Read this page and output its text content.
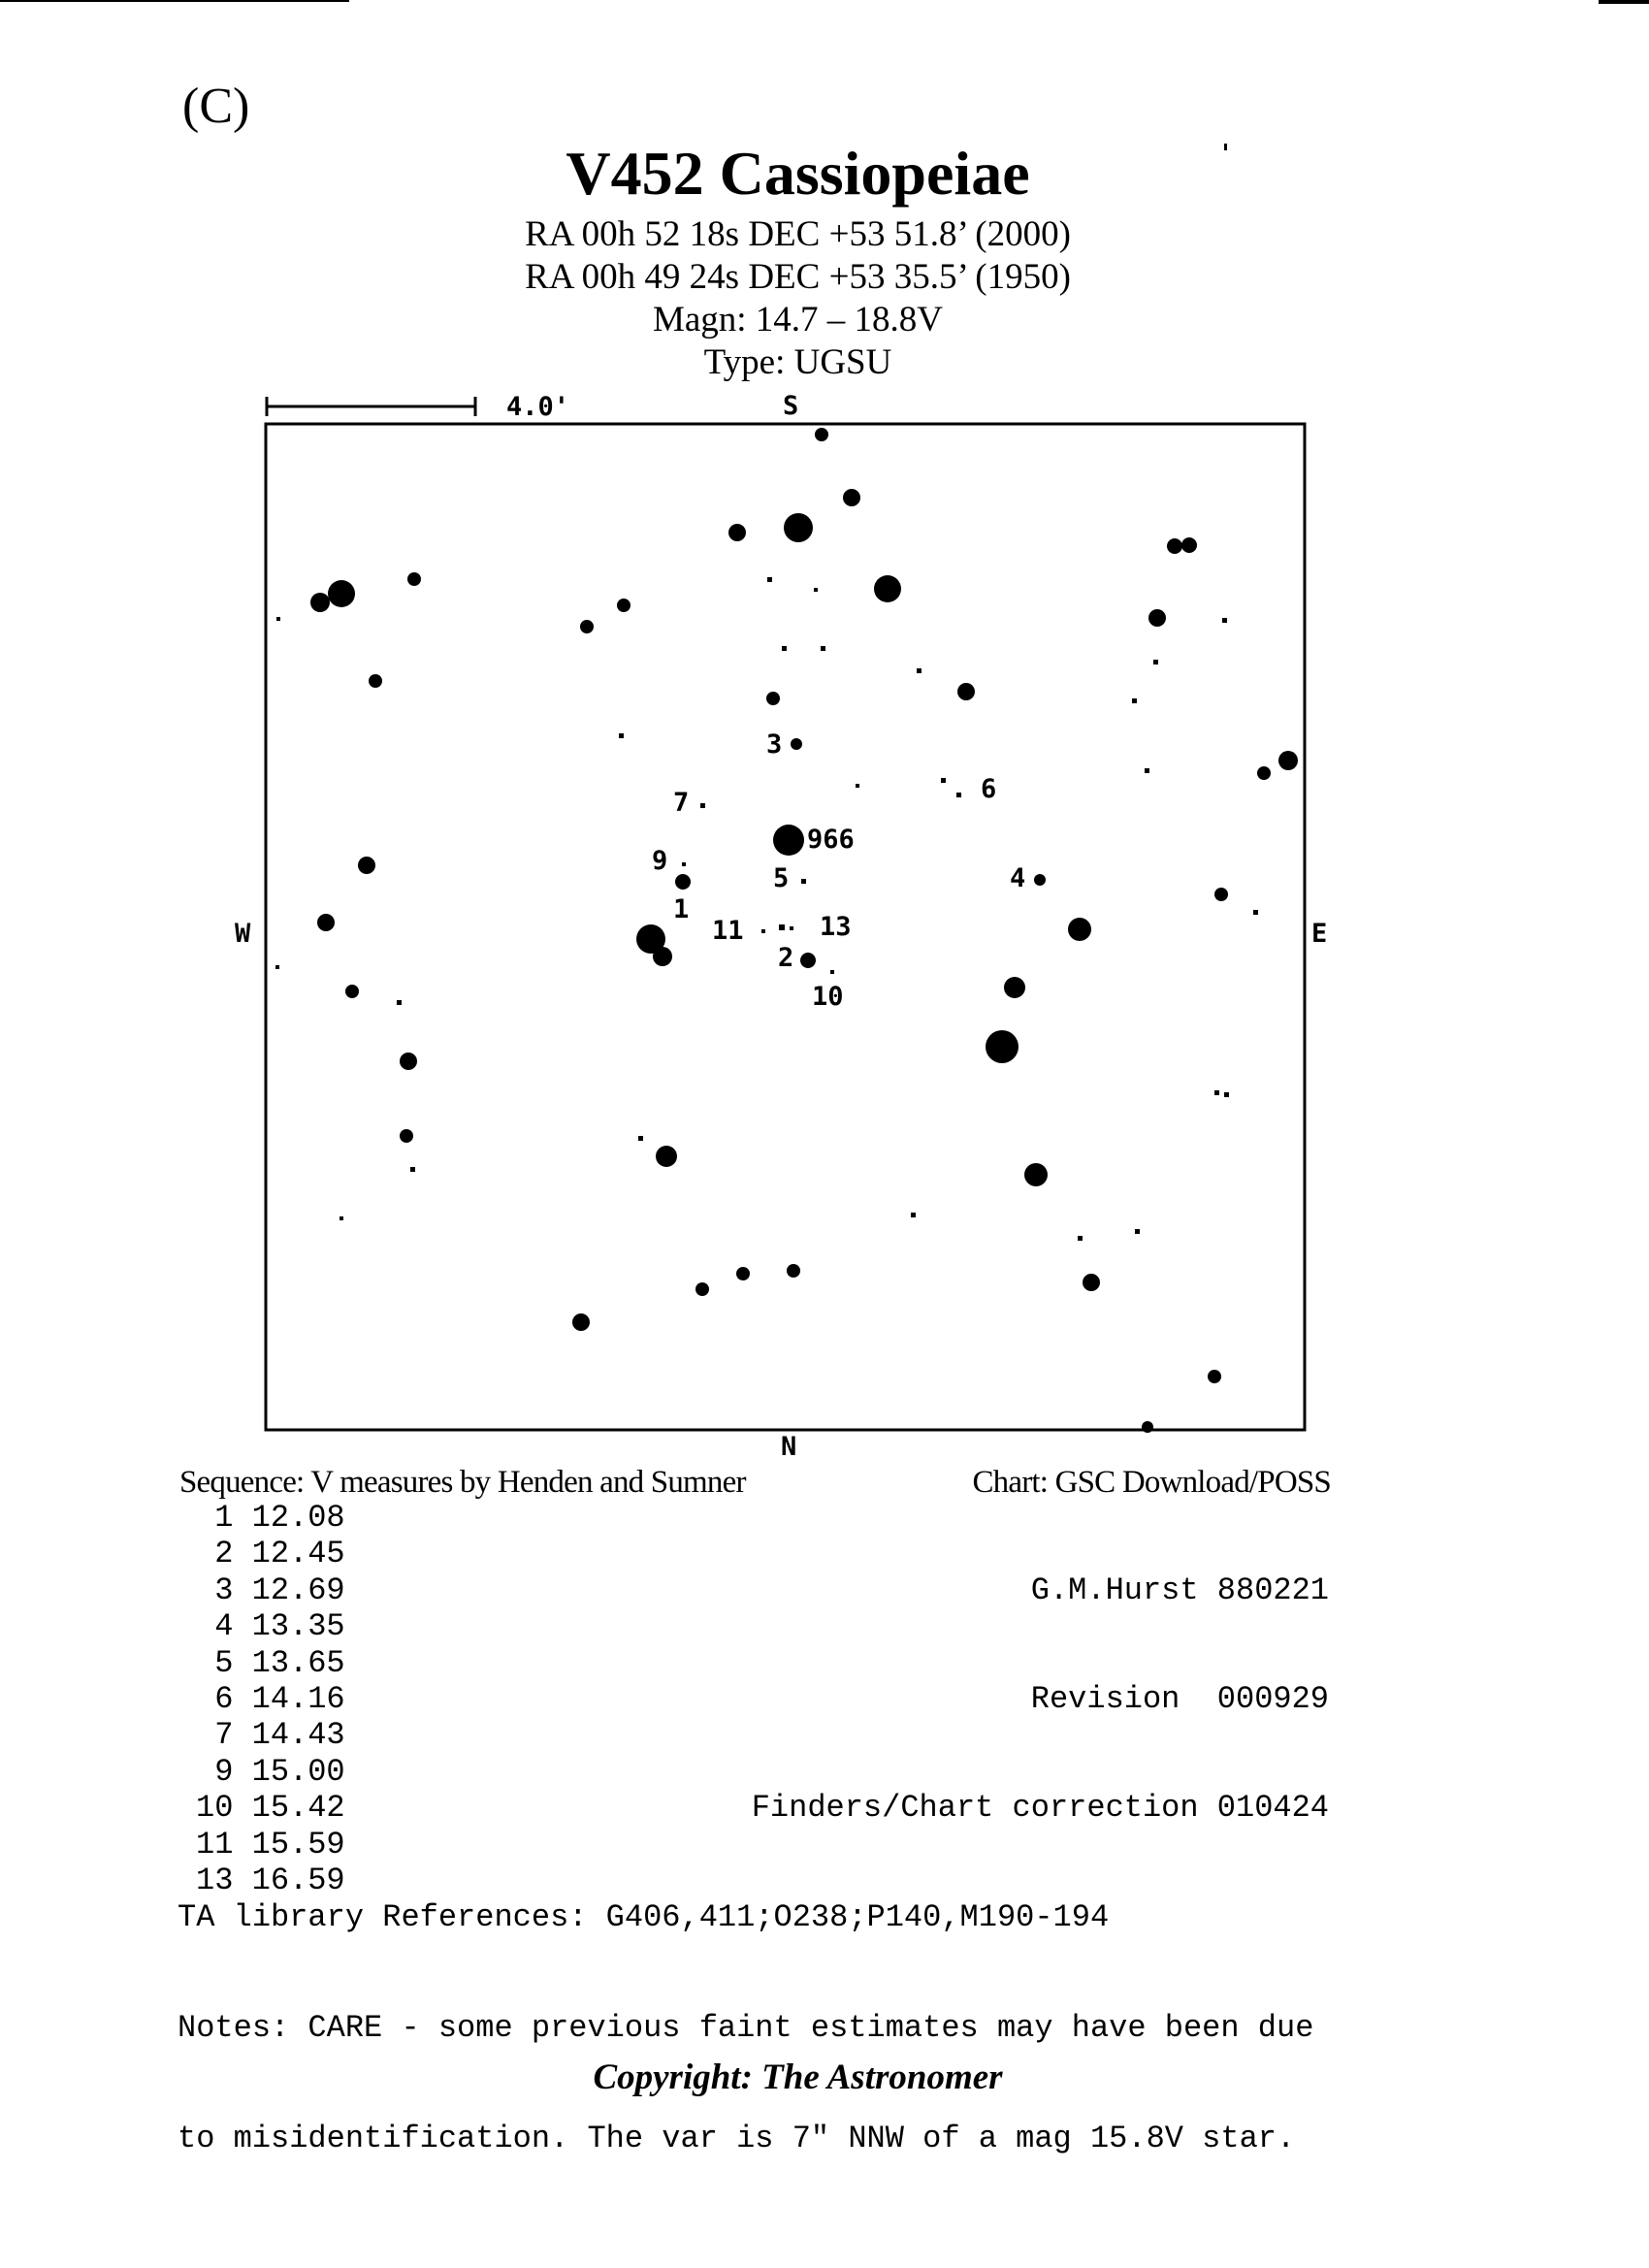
(C)
V452 Cassiopeiae
RA 00h 52 18s DEC +53 51.8’ (2000)
RA 00h 49 24s DEC +53 35.5’ (1950)
Magn: 14.7 – 18.8V
Type: UGSU
4.0'	S
N
W	E
3
7	6
966
9
5	4
1
11	13
2
10
Sequence: V measures by Henden and Sumner	Chart: GSC Download/POSS
1 12.08
2 12.45
3 12.69
4 13.35
5 13.65
6 14.16
7 14.43
9 15.00
10 15.42
11 15.59
13 16.59

G.M.Hurst 880221

Revision  000929

Finders/Chart correction 010424

TA library References: G406,411;O238;P140,M190-194

Notes: CARE - some previous faint estimates may have been due

to misidentification. The var is 7" NNW of a mag 15.8V star.

Copyright: The Astronomer
